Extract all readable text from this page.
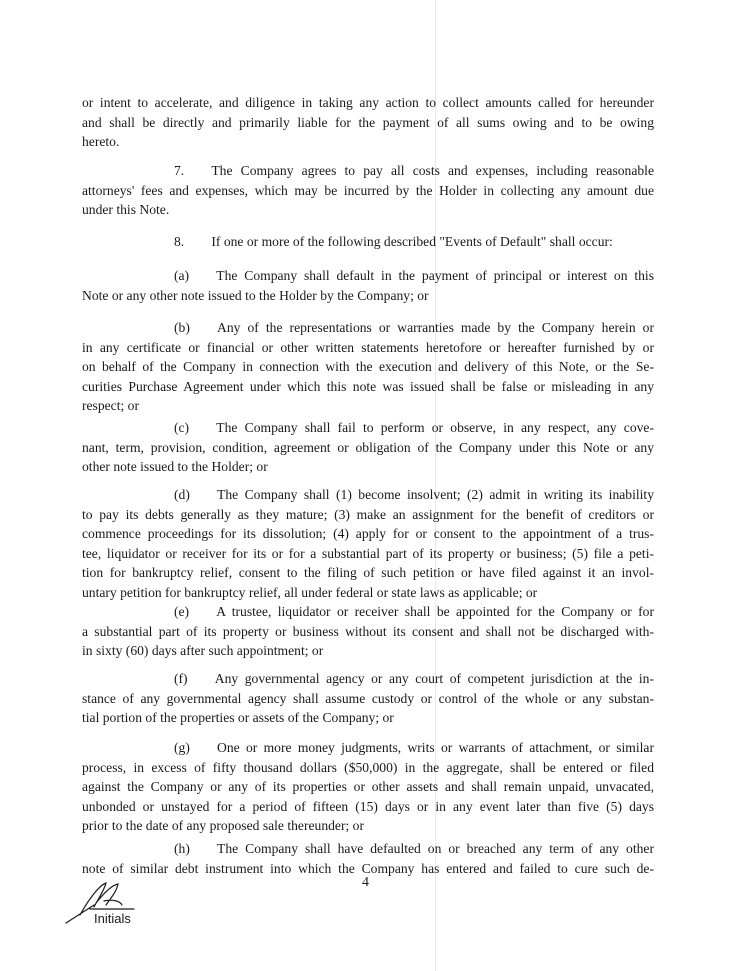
or intent to accelerate, and diligence in taking any action to collect amounts called for hereunder
and shall be directly and primarily liable for the payment of all sums owing and to be owing
hereto.
7.  The Company agrees to pay all costs and expenses, including reasonable
attorneys' fees and expenses, which may be incurred by the Holder in collecting any amount due
under this Note.
8.  If one or more of the following described "Events of Default" shall occur:
(a)  The Company shall default in the payment of principal or interest on this
Note or any other note issued to the Holder by the Company; or
(b)  Any of the representations or warranties made by the Company herein or
in any certificate or financial or other written statements heretofore or hereafter furnished by or
on behalf of the Company in connection with the execution and delivery of this Note, or the Se-
curities Purchase Agreement under which this note was issued shall be false or misleading in any
respect; or
(c)  The Company shall fail to perform or observe, in any respect, any cove-
nant, term, provision, condition, agreement or obligation of the Company under this Note or any
other note issued to the Holder; or
(d)  The Company shall (1) become insolvent; (2) admit in writing its inability
to pay its debts generally as they mature; (3) make an assignment for the benefit of creditors or
commence proceedings for its dissolution; (4) apply for or consent to the appointment of a trus-
tee, liquidator or receiver for its or for a substantial part of its property or business; (5) file a peti-
tion for bankruptcy relief, consent to the filing of such petition or have filed against it an invol-
untary petition for bankruptcy relief, all under federal or state laws as applicable; or
(e)  A trustee, liquidator or receiver shall be appointed for the Company or for
a substantial part of its property or business without its consent and shall not be discharged with-
in sixty (60) days after such appointment; or
(f)  Any governmental agency or any court of competent jurisdiction at the in-
stance of any governmental agency shall assume custody or control of the whole or any substan-
tial portion of the properties or assets of the Company; or
(g)  One or more money judgments, writs or warrants of attachment, or similar
process, in excess of fifty thousand dollars ($50,000) in the aggregate, shall be entered or filed
against the Company or any of its properties or other assets and shall remain unpaid, unvacated,
unbonded or unstayed for a period of fifteen (15) days or in any event later than five (5) days
prior to the date of any proposed sale thereunder; or
(h)  The Company shall have defaulted on or breached any term of any other
note of similar debt instrument into which the Company has entered and failed to cure such de-
4
Initials
